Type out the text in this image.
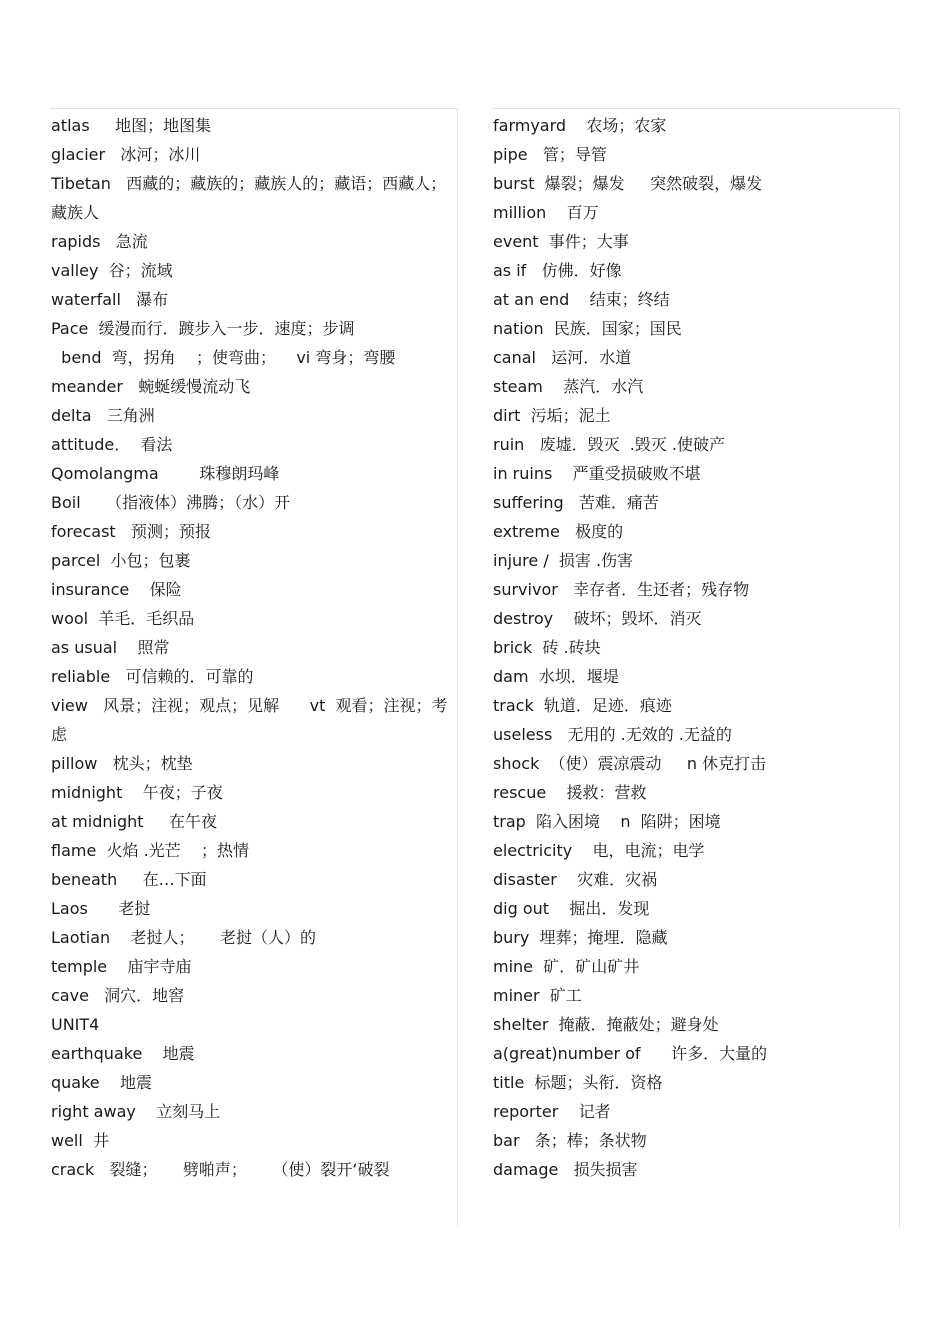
atlas     地图；地图集

glacier   冰河；冰川

Tibetan   西藏的；藏族的；藏族人的；藏语；西藏人；藏族人

rapids   急流

valley  谷；流域

waterfall   瀑布

Pace  缓漫而行．踱步入一步．速度；步调

bend  弯，拐角    ；使弯曲；    vi 弯身；弯腰

meander   蜿蜒缓慢流动飞

delta   三角洲

attitude．  看法

Qomolangma        珠穆朗玛峰

Boil     （指液体）沸腾；（水）开

forecast   预测；预报

parcel  小包；包裹

insurance    保险

wool  羊毛．毛织品

as usual    照常

reliable   可信赖的．可靠的

view   风景；注视；观点；见解      vt  观看；注视；考虑

pillow   枕头；枕垫

midnight    午夜；子夜

at midnight     在午夜

flame  火焰 .光芒    ；热情

beneath     在…下面

Laos      老挝

Laotian    老挝人；     老挝（人）的

temple    庙宇寺庙

cave   洞穴．地窖

UNIT4

earthquake    地震

quake    地震

right away    立刻马上

well  井

crack   裂缝；     劈啪声；     （使）裂开‘破裂

farmyard    农场；农家

pipe   管；导管

burst  爆裂；爆发     突然破裂，爆发

million    百万

event  事件；大事

as if   仿佛．好像

at an end    结束；终结

nation  民族．国家；国民

canal   运河．水道

steam    蒸汽．水汽

dirt  污垢；泥土

ruin   废墟．毁灭  .毁灭 .使破产

in ruins    严重受损破败不堪

suffering   苦难．痛苦

extreme   极度的

injure /  损害 .伤害

survivor   幸存者．生还者；残存物

destroy    破坏；毁坏．消灭

brick  砖 .砖块

dam  水坝．堰堤

track  轨道．足迹．痕迹

useless   无用的 .无效的 .无益的

shock  （使）震凉震动     n 休克打击

rescue    援救：营救

trap  陷入困境    n  陷阱；困境

electricity    电，电流；电学

disaster    灾难．灾祸

dig out    掘出．发现

bury  埋葬；掩埋．隐藏

mine  矿．矿山矿井

miner  矿工

shelter  掩蔽．掩蔽处；避身处

a(great)number of      许多．大量的

title  标题；头衔．资格

reporter    记者

bar   条；棒；条状物

damage   损失损害
